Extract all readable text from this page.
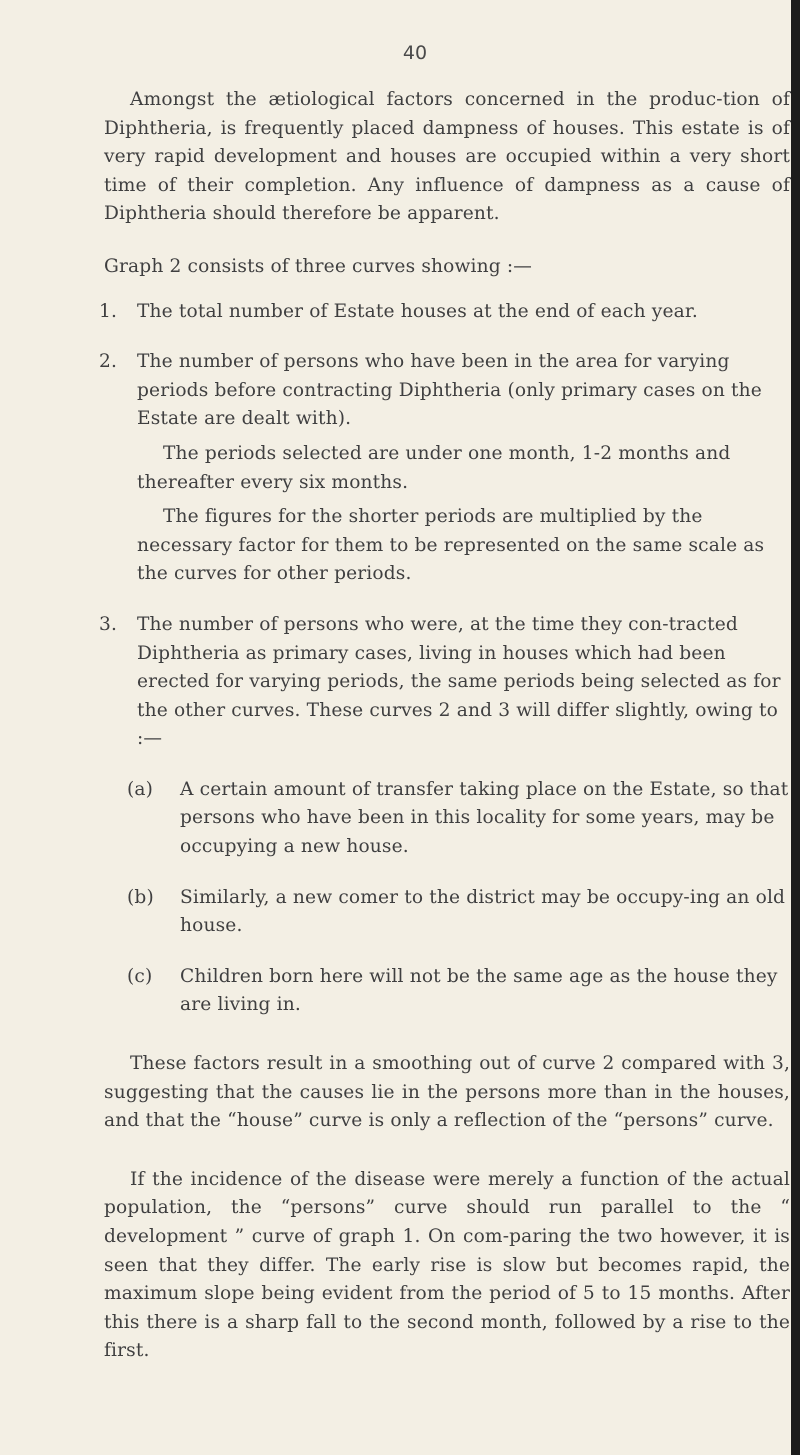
40

Amongst the ætiological factors concerned in the produc-tion of Diphtheria, is frequently placed dampness of houses. This estate is of very rapid development and houses are occupied within a very short time of their completion. Any influence of dampness as a cause of Diphtheria should therefore be apparent.

Graph 2 consists of three curves showing :—

1. The total number of Estate houses at the end of each year.

2. The number of persons who have been in the area for varying periods before contracting Diphtheria (only primary cases on the Estate are dealt with).

The periods selected are under one month, 1-2 months and thereafter every six months.

The figures for the shorter periods are multiplied by the necessary factor for them to be represented on the same scale as the curves for other periods.

3. The number of persons who were, at the time they con-tracted Diphtheria as primary cases, living in houses which had been erected for varying periods, the same periods being selected as for the other curves. These curves 2 and 3 will differ slightly, owing to :—

(a) A certain amount of transfer taking place on the Estate, so that persons who have been in this locality for some years, may be occupying a new house.

(b) Similarly, a new comer to the district may be occupy-ing an old house.

(c) Children born here will not be the same age as the house they are living in.

These factors result in a smoothing out of curve 2 compared with 3, suggesting that the causes lie in the persons more than in the houses, and that the “house” curve is only a reflection of the “persons” curve.

If the incidence of the disease were merely a function of the actual population, the “persons” curve should run parallel to the “ development ” curve of graph 1. On com-paring the two however, it is seen that they differ. The early rise is slow but becomes rapid, the maximum slope being evident from the period of 5 to 15 months. After this there is a sharp fall to the second month, followed by a rise to the first.
